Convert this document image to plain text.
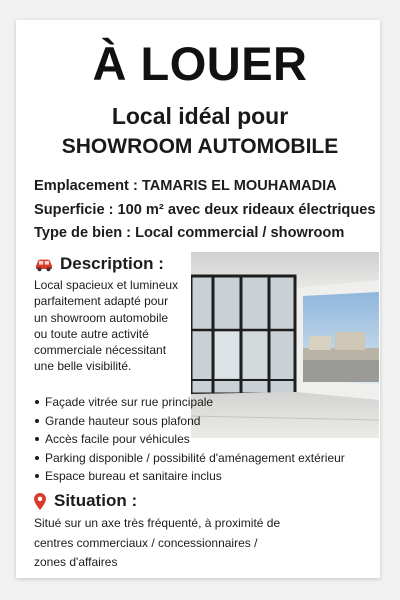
À LOUER
Local idéal pour
SHOWROOM AUTOMOBILE
Emplacement : TAMARIS EL MOUHAMADIA
Superficie : 100 m² avec deux rideaux électriques
Type de bien : Local commercial / showroom
Description :
Local spacieux et lumineux
parfaitement adapté pour
un showroom automobile
ou toute autre activité
commerciale nécessitant
une belle visibilité.
Façade vitrée sur rue principale
Grande hauteur sous plafond
Accès facile pour véhicules
Parking disponible / possibilité d'aménagement extérieur
Espace bureau et sanitaire inclus
Situation :
Situé sur un axe très fréquenté, à proximité de
centres commerciaux / concessionnaires /
zones d'affaires
